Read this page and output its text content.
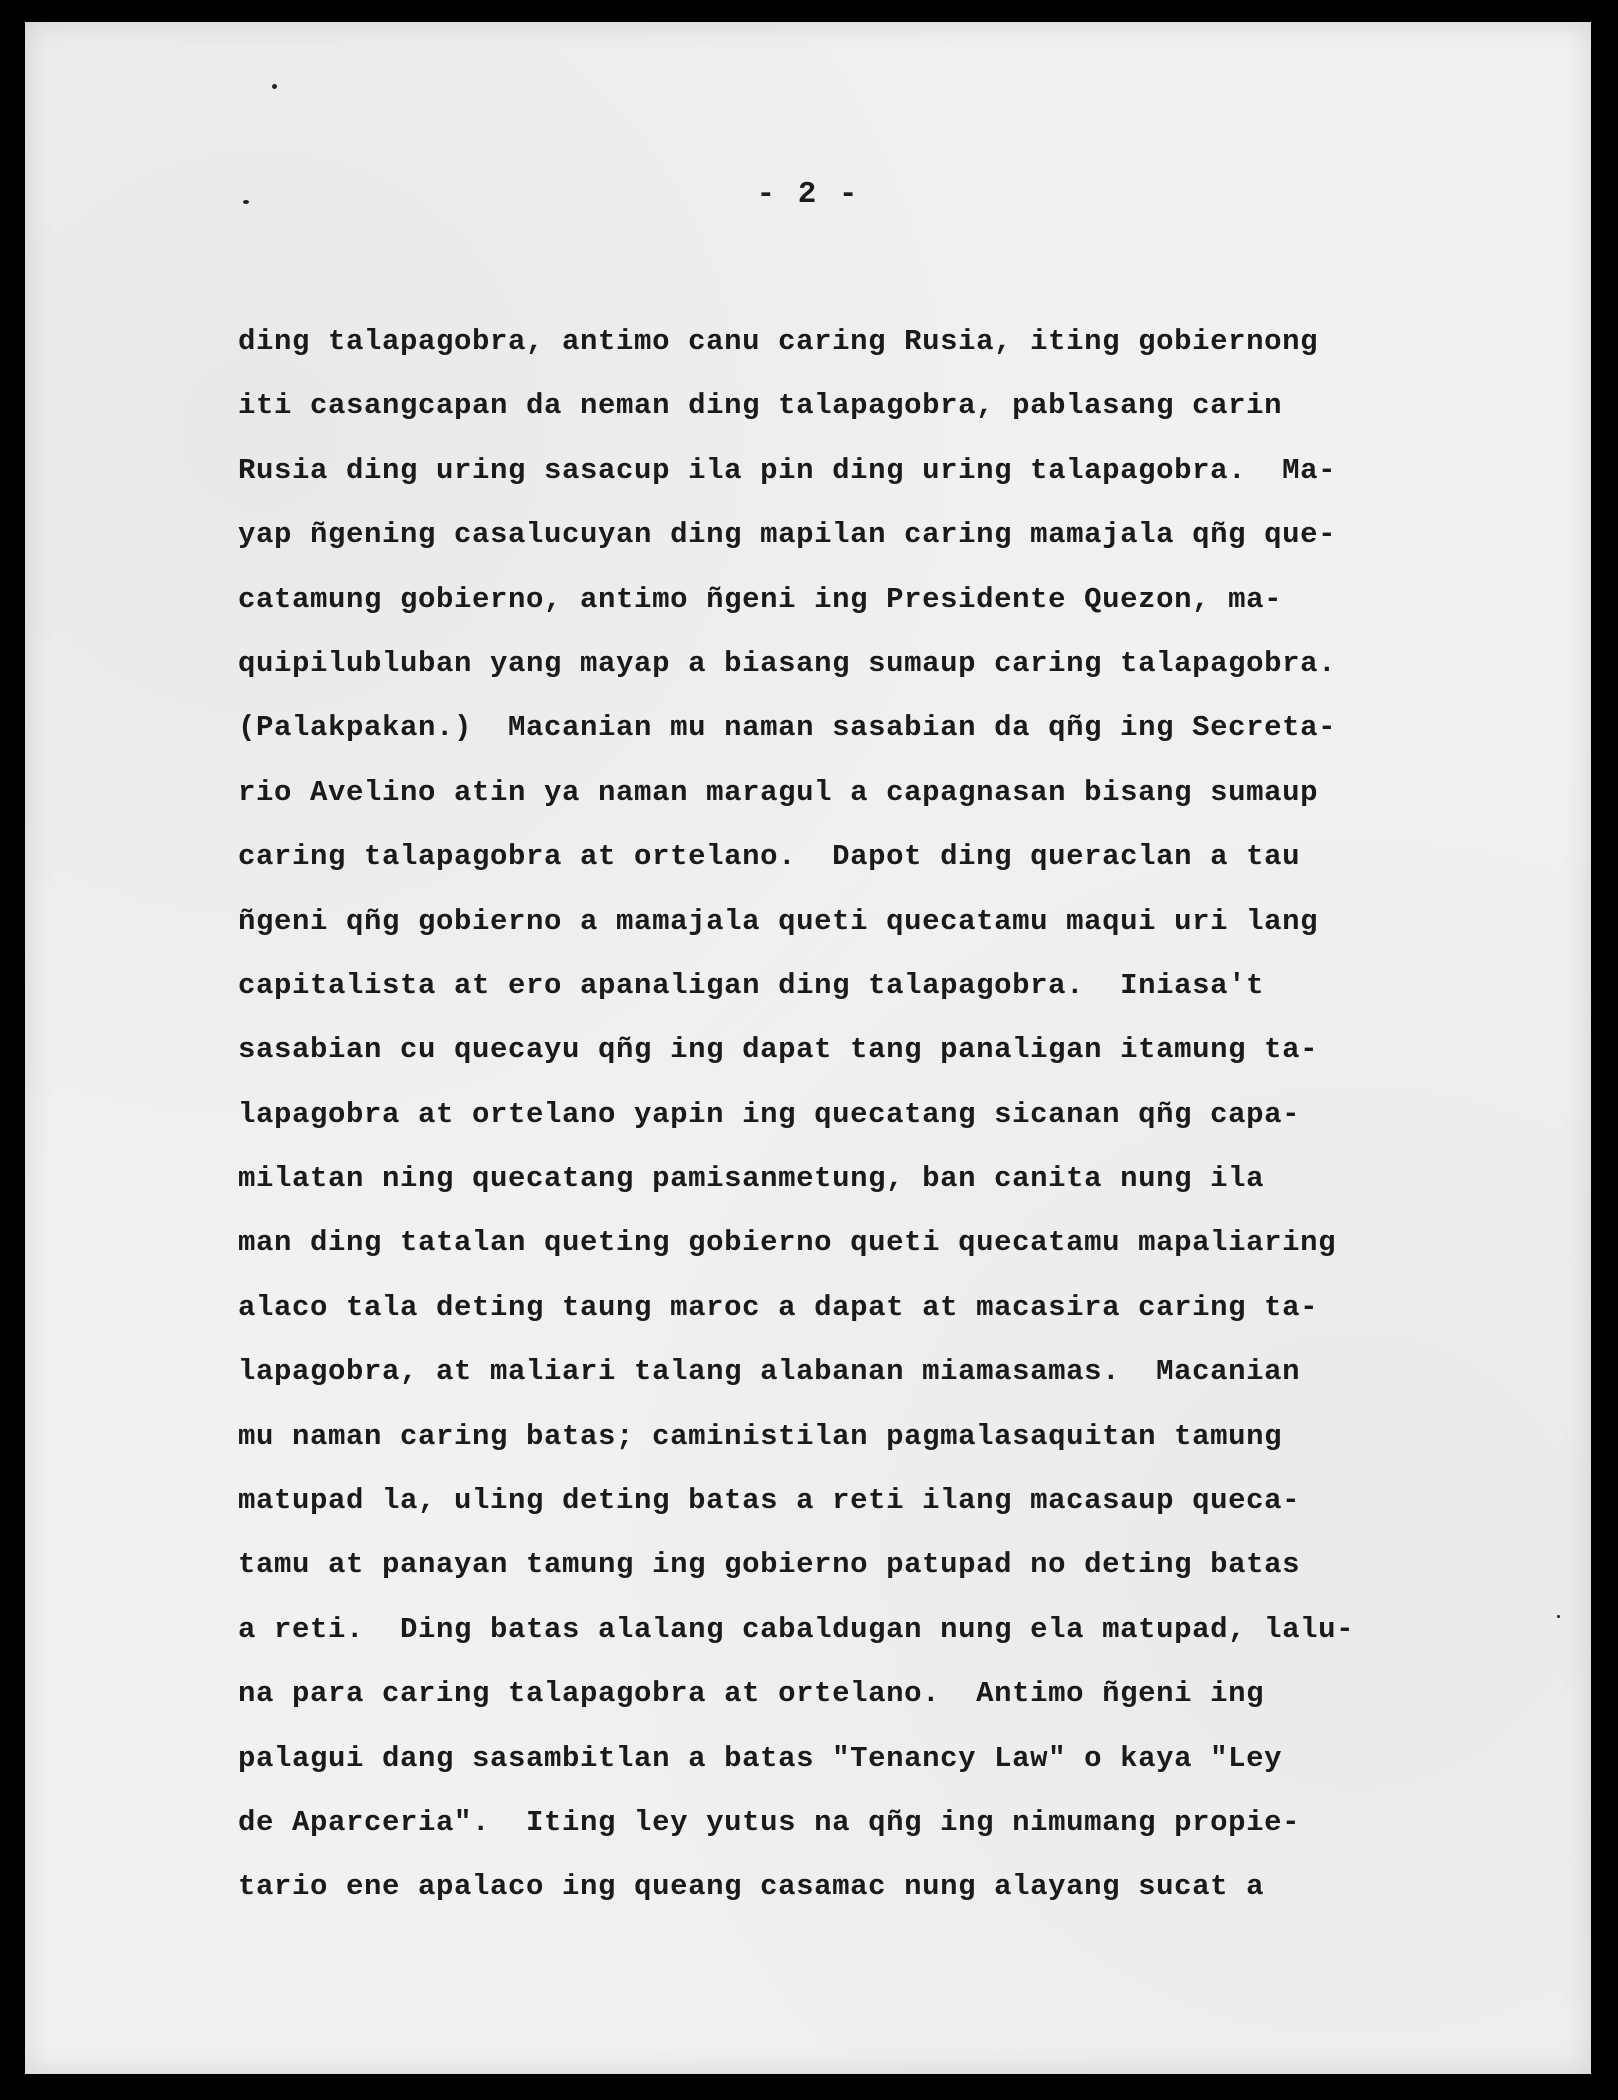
- 2 -
ding talapagobra, antimo canu caring Rusia, iting gobiernong
iti casangcapan da neman ding talapagobra, pablasang carin
Rusia ding uring sasacup ila pin ding uring talapagobra.  Ma-
yap ñgening casalucuyan ding mapilan caring mamajala qñg que-
catamung gobierno, antimo ñgeni ing Presidente Quezon, ma-
quipilubluban yang mayap a biasang sumaup caring talapagobra.
(Palakpakan.)  Macanian mu naman sasabian da qñg ing Secreta-
rio Avelino atin ya naman maragul a capagnasan bisang sumaup
caring talapagobra at ortelano.  Dapot ding queraclan a tau
ñgeni qñg gobierno a mamajala queti quecatamu maqui uri lang
capitalista at ero apanaligan ding talapagobra.  Iniasa't
sasabian cu quecayu qñg ing dapat tang panaligan itamung ta-
lapagobra at ortelano yapin ing quecatang sicanan qñg capa-
milatan ning quecatang pamisanmetung, ban canita nung ila
man ding tatalan queting gobierno queti quecatamu mapaliaring
alaco tala deting taung maroc a dapat at macasira caring ta-
lapagobra, at maliari talang alabanan miamasamas.  Macanian
mu naman caring batas; caministilan pagmalasaquitan tamung
matupad la, uling deting batas a reti ilang macasaup queca-
tamu at panayan tamung ing gobierno patupad no deting batas
a reti.  Ding batas alalang cabaldugan nung ela matupad, lalu-
na para caring talapagobra at ortelano.  Antimo ñgeni ing
palagui dang sasambitlan a batas "Tenancy Law" o kaya "Ley
de Aparceria".  Iting ley yutus na qñg ing nimumang propie-
tario ene apalaco ing queang casamac nung alayang sucat a
